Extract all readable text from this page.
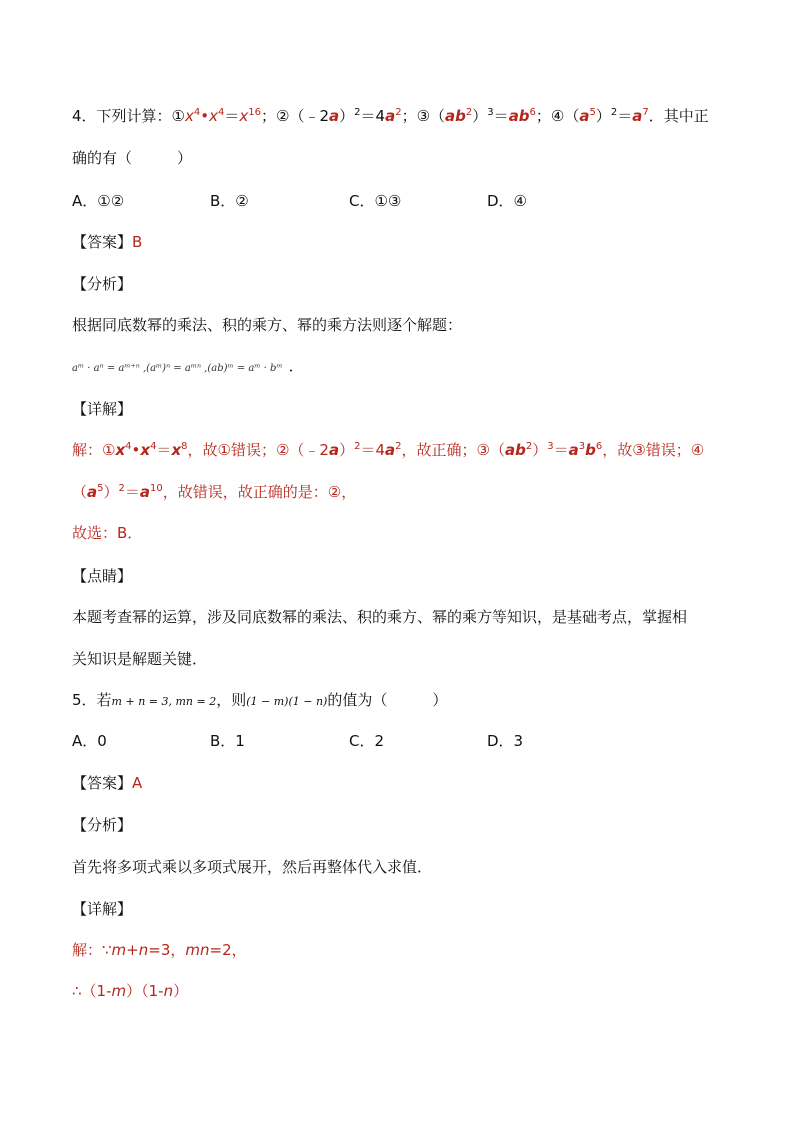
4．下列计算：$①x^4•x^4=x^{16}$；$②(﹣2a)^2=4a^2$；$③(ab^2)^3=ab^6$；$④(a^5)^2=a^7$．其中正
确的有（　　　）
A．①②	B．②	C．①③	D．④
【答案】B
【分析】
根据同底数幂的乘法、积的乘方、幂的乘方法则逐个解题：
aᵐ · aⁿ = aᵐ⁺ⁿ ,(aᵐ)ⁿ = aᵐⁿ ,(ab)ᵐ = aᵐ · bᵐ ．
【详解】
解：$①x^4•x^4=x^8$，故①错误；$②(﹣2a)^2=4a^2$，故正确；$③(ab^2)^3=a^3b^6$，故③错误；④
$(a^5)^2=a^{10}$，故错误，故正确的是：②，
故选：B．
【点睛】
本题考查幂的运算，涉及同底数幂的乘法、积的乘方、幂的乘方等知识，是基础考点，掌握相
关知识是解题关键．
5．若m + n = 3, mn = 2，则(1 − m)(1 − n)的值为（　　　）
A．0	B．1	C．2	D．3
【答案】A
【分析】
首先将多项式乘以多项式展开，然后再整体代入求值．
【详解】
解：∵m+n=3，mn=2，
∴（1-m）（1-n）
